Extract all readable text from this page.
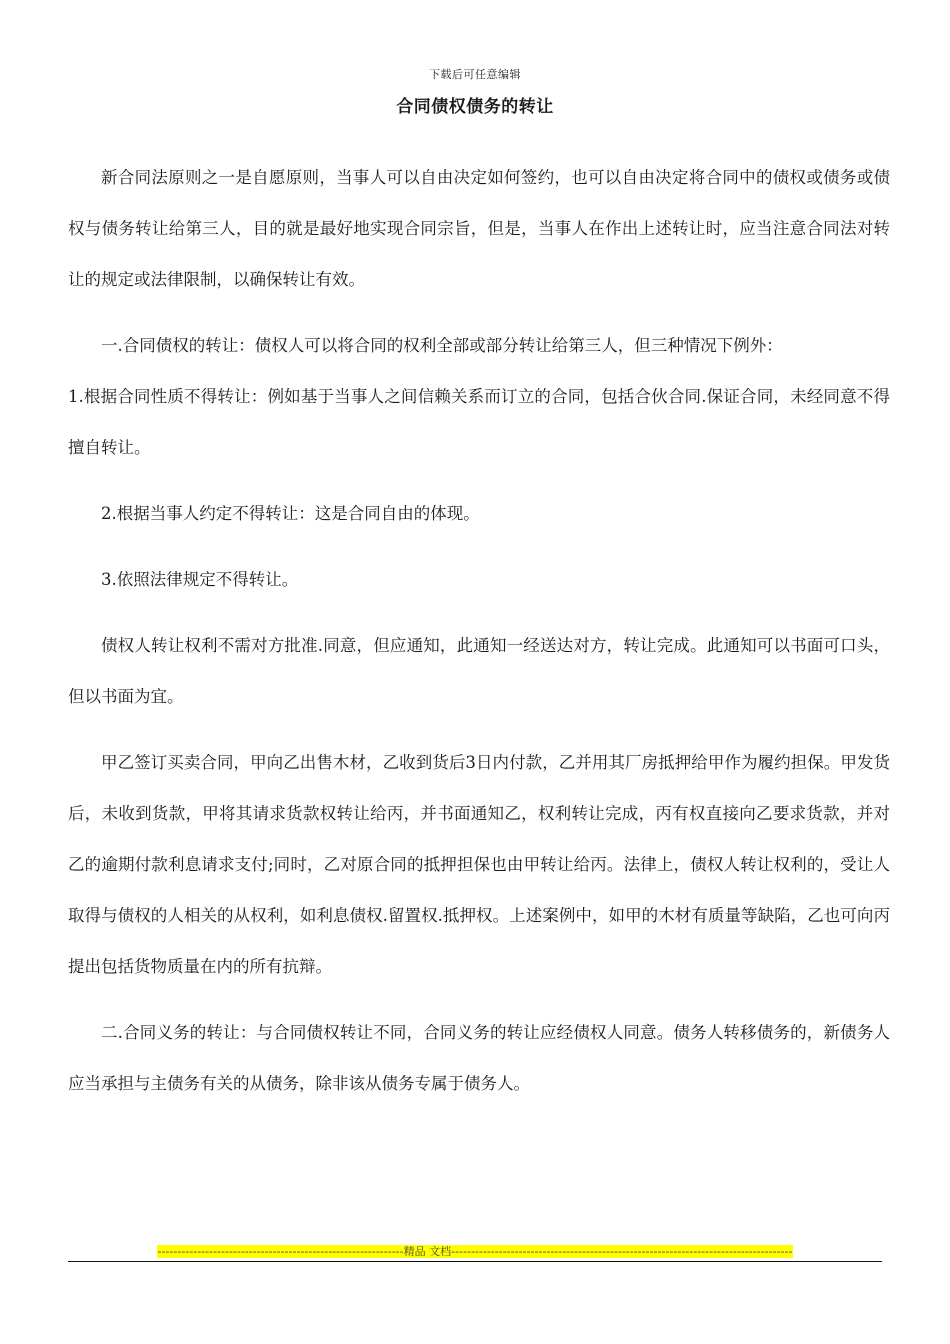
下载后可任意编辑
合同债权债务的转让

新合同法原则之一是自愿原则，当事人可以自由决定如何签约，也可以自由决定将合同中的债权或债务或债权与债务转让给第三人，目的就是最好地实现合同宗旨，但是，当事人在作出上述转让时，应当注意合同法对转让的规定或法律限制，以确保转让有效。

一.合同债权的转让：债权人可以将合同的权利全部或部分转让给第三人，但三种情况下例外：

1.根据合同性质不得转让：例如基于当事人之间信赖关系而订立的合同，包括合伙合同.保证合同，未经同意不得擅自转让。

2.根据当事人约定不得转让：这是合同自由的体现。

3.依照法律规定不得转让。

债权人转让权利不需对方批准.同意，但应通知，此通知一经送达对方，转让完成。此通知可以书面可口头，但以书面为宜。

甲乙签订买卖合同，甲向乙出售木材，乙收到货后3日内付款，乙并用其厂房抵押给甲作为履约担保。甲发货后，未收到货款，甲将其请求货款权转让给丙，并书面通知乙，权利转让完成，丙有权直接向乙要求货款，并对乙的逾期付款利息请求支付;同时，乙对原合同的抵押担保也由甲转让给丙。法律上，债权人转让权利的，受让人取得与债权的人相关的从权利，如利息债权.留置权.抵押权。上述案例中，如甲的木材有质量等缺陷，乙也可向丙提出包括货物质量在内的所有抗辩。

二.合同义务的转让：与合同债权转让不同，合同义务的转让应经债权人同意。债务人转移债务的，新债务人应当承担与主债务有关的从债务，除非该从债务专属于债务人。

--------------------------------------------------------------精品 文档--------------------------------------------------------------------------------------
